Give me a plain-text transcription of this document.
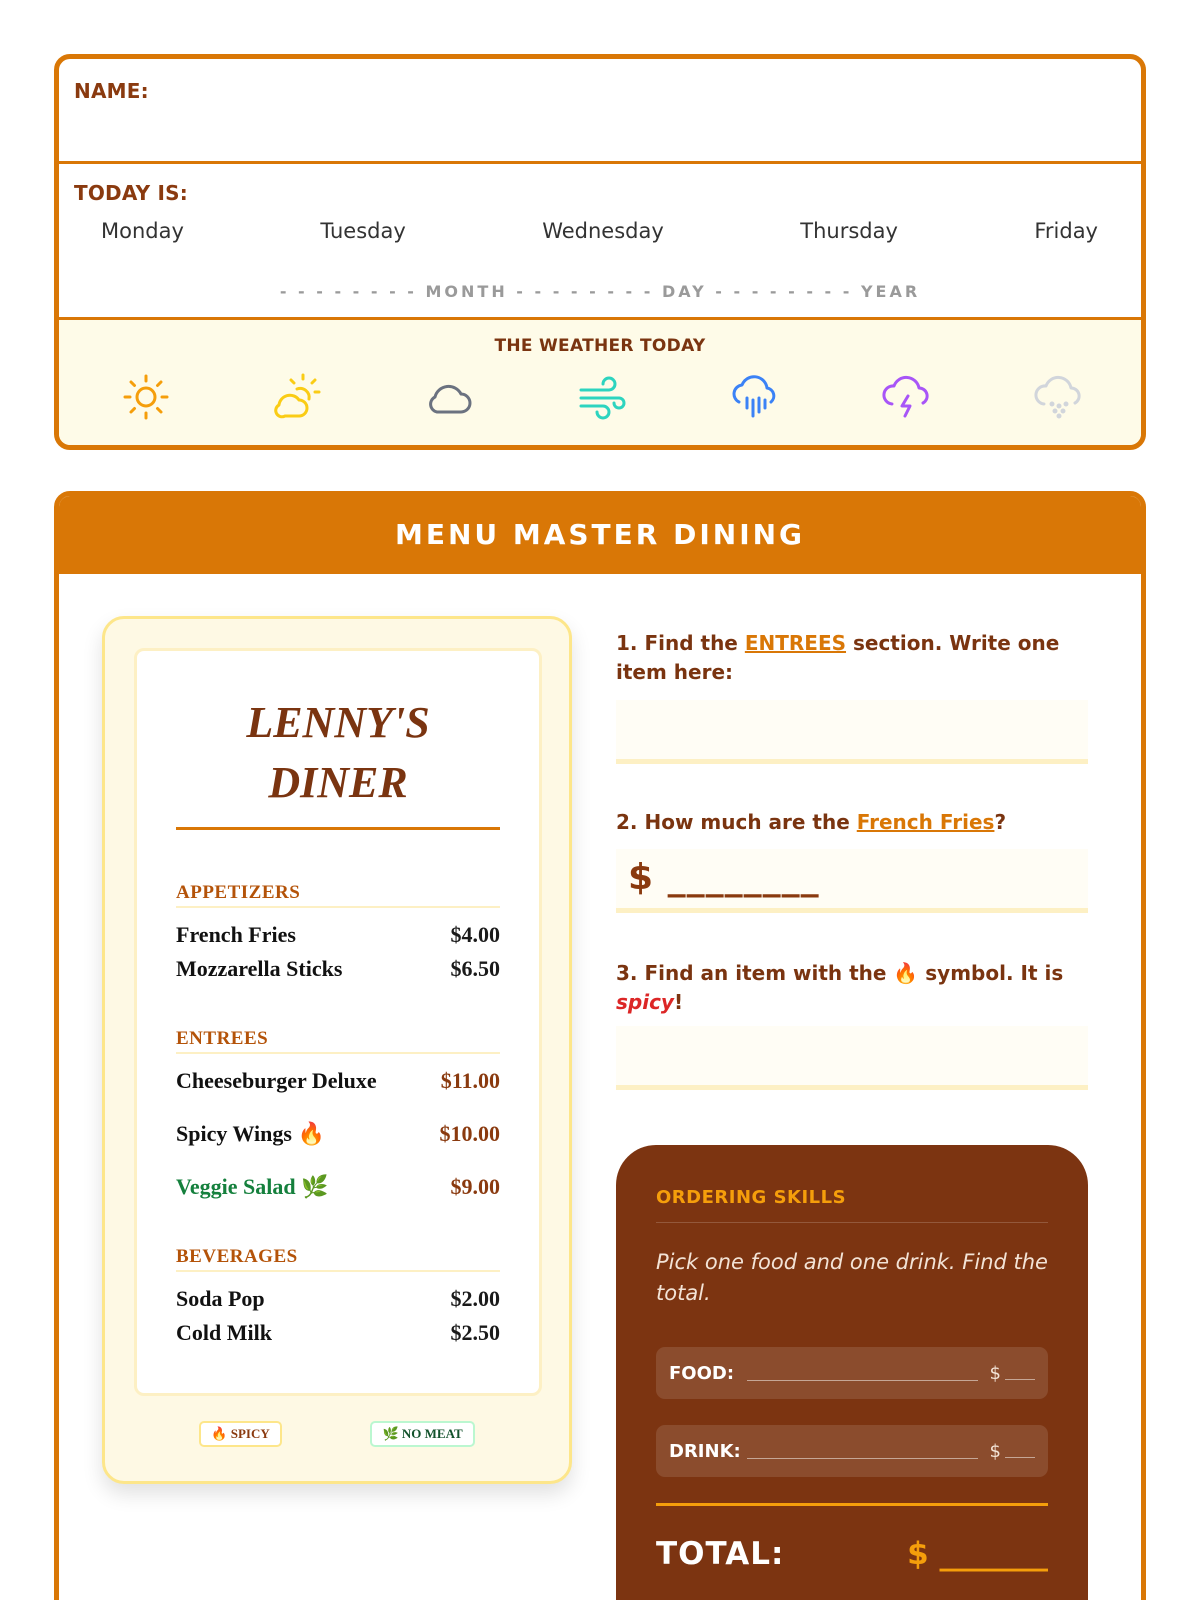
NAME:
TODAY IS:
Monday	Tuesday	Wednesday	Thursday	Friday
- - - - - - - - MONTH - - - - - - - - DAY - - - - - - - - YEAR
THE WEATHER TODAY
MENU MASTER DINING
LENNY'S
DINER
APPETIZERS
French Fries	$4.00
Mozzarella Sticks	$6.50
ENTREES
Cheeseburger Deluxe	$11.00
Spicy Wings 🔥	$10.00
Veggie Salad 🌿	$9.00
BEVERAGES
Soda Pop	$2.00
Cold Milk	$2.50
🔥 SPICY	🌿 NO MEAT
1. Find the ENTREES section. Write one item here:
2. How much are the French Fries?
$ ________
3. Find an item with the 🔥 symbol. It is spicy!
ORDERING SKILLS
Pick one food and one drink. Find the total.
FOOD:	$
DRINK:	$
TOTAL:	$ _______
